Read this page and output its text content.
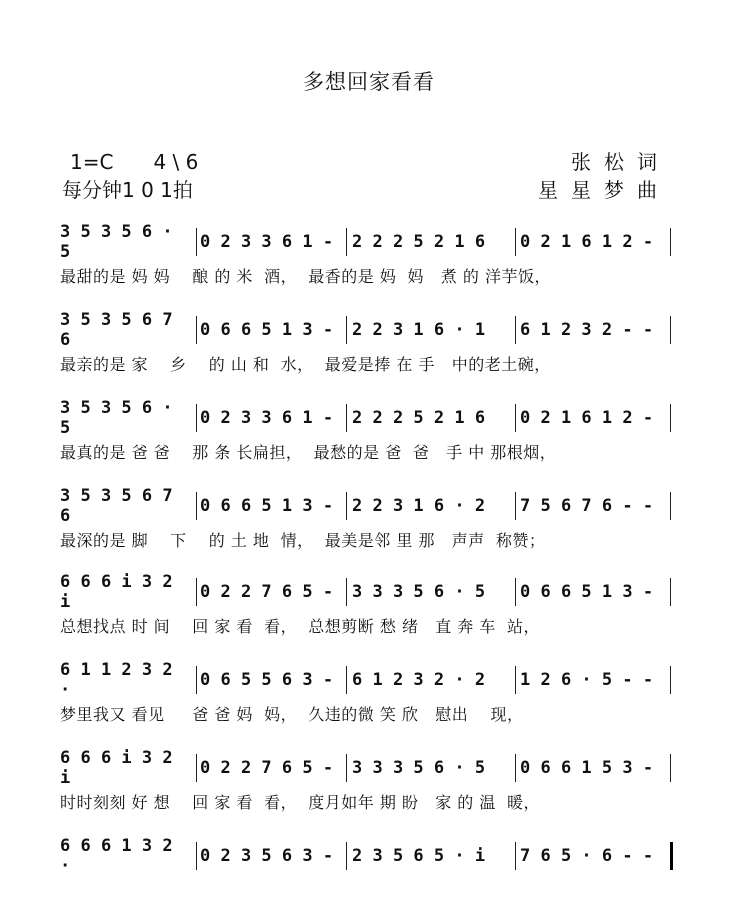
多想回家看看
1=C　　4 \ 6
每分钟1 0 1拍
张松词
星星梦曲
3 5 3 5 6 · 5	0 2 3 3 6 1 -	2 2 2 5 2 1 6	0 2 1 6 1 2 -
最甜的是 妈 妈　 酿 的 米  酒，  最香的是 妈  妈   煮 的 洋芋饭，
3 5 3 5 6 7 6	0 6 6 5 1 3 -	2 2 3 1 6 · 1	6 1 2 3 2 - -
最亲的是 家　 乡　 的 山 和  水，  最爱是捧 在 手   中的老土碗，
3 5 3 5 6 · 5	0 2 3 3 6 1 -	2 2 2 5 2 1 6	0 2 1 6 1 2 -
最真的是 爸 爸　 那 条 长扁担，  最愁的是 爸  爸   手 中 那根烟，
3 5 3 5 6 7 6	0 6 6 5 1 3 -	2 2 3 1 6 · 2	7 5 6 7 6 - -
最深的是 脚　 下　 的 土 地  情，  最美是邻 里 那   声声  称赞；
6 6 6 i 3 2 i	0 2 2 7 6 5 -	3 3 3 5 6 · 5	0 6 6 5 1 3 -
总想找点 时 间　 回 家 看  看，  总想剪断 愁 绪   直 奔 车  站，
6 1 1 2 3 2 ·	0 6 5 5 6 3 -	6 1 2 3 2 · 2	1 2 6 · 5 - -
梦里我又 看见　  爸 爸 妈  妈，  久违的微 笑 欣   慰出    现，
6 6 6 i 3 2 i	0 2 2 7 6 5 -	3 3 3 5 6 · 5	0 6 6 1 5 3 -
时时刻刻 好 想　 回 家 看  看，  度月如年 期 盼   家 的 温  暖，
6 6 6 1 3 2 ·	0 2 3 5 6 3 -	2 3 5 6 5 · i	7 6 5 · 6 - -
